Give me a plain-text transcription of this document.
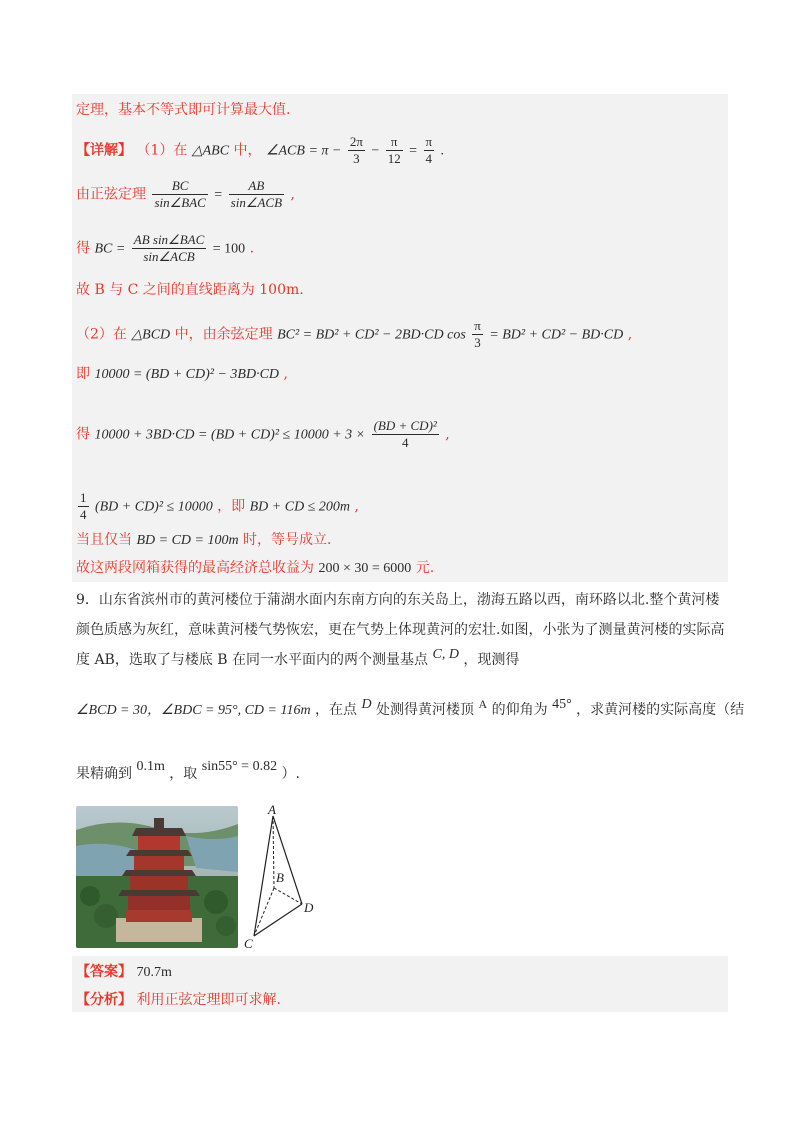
定理，基本不等式即可计算最大值.
【详解】 （1）在 △ABC 中， ∠ACB = $\pi - \frac{2\pi}{3} - \frac{\pi}{12} = \frac{\pi}{4}$ .
由正弦定理 $\frac{BC}{\text{sin∠BAC}} = \frac{AB}{\text{sin∠ACB}}$ ,
得 BC = $\frac{\text{AB sin∠BAC}}{\text{sin∠ACB}} = 100$ .
故 B 与 C 之间的直线距离为 100m.
（2）在 △BCD 中，由余弦定理 BC² = BD² + CD² − 2BD·CD $\cos \frac{\pi}{3} = BD^2 + CD^2 - BD\cdot CD$ ,
即 10000 = (BD + CD)² − 3BD·CD ,
得 $10000 + 3BD\cdot CD = (BD + CD)^2 \le 10000 + 3 \times \frac{\text{(BD + CD)²}}{4}$ ,
$\frac{1}{4} (BD + CD)^2 \le 10000$ ，即 BD + CD ≤ 200m ,
当且仅当 BD = CD = 100m 时，等号成立.
故这两段网箱获得的最高经济总收益为 200 × 30 = 6000 元.
9．山东省滨州市的黄河楼位于蒲湖水面内东南方向的东关岛上，渤海五路以西，南环路以北.整个黄河楼
颜色质感为灰红，意味黄河楼气势恢宏，更在气势上体现黄河的宏壮.如图，小张为了测量黄河楼的实际高
度 AB，选取了与楼底 B 在同一水平面内的两个测量基点 C, D ，现测得
∠BCD = 30，∠BDC = 95°, CD = 116m ，在点 D 处测得黄河楼顶 A 的仰角为 45° ，求黄河楼的实际高度（结
果精确到 0.1m ，取 sin55° = 0.82 ）.
A
B
C
D
【答案】 70.7m
【分析】 利用正弦定理即可求解.
